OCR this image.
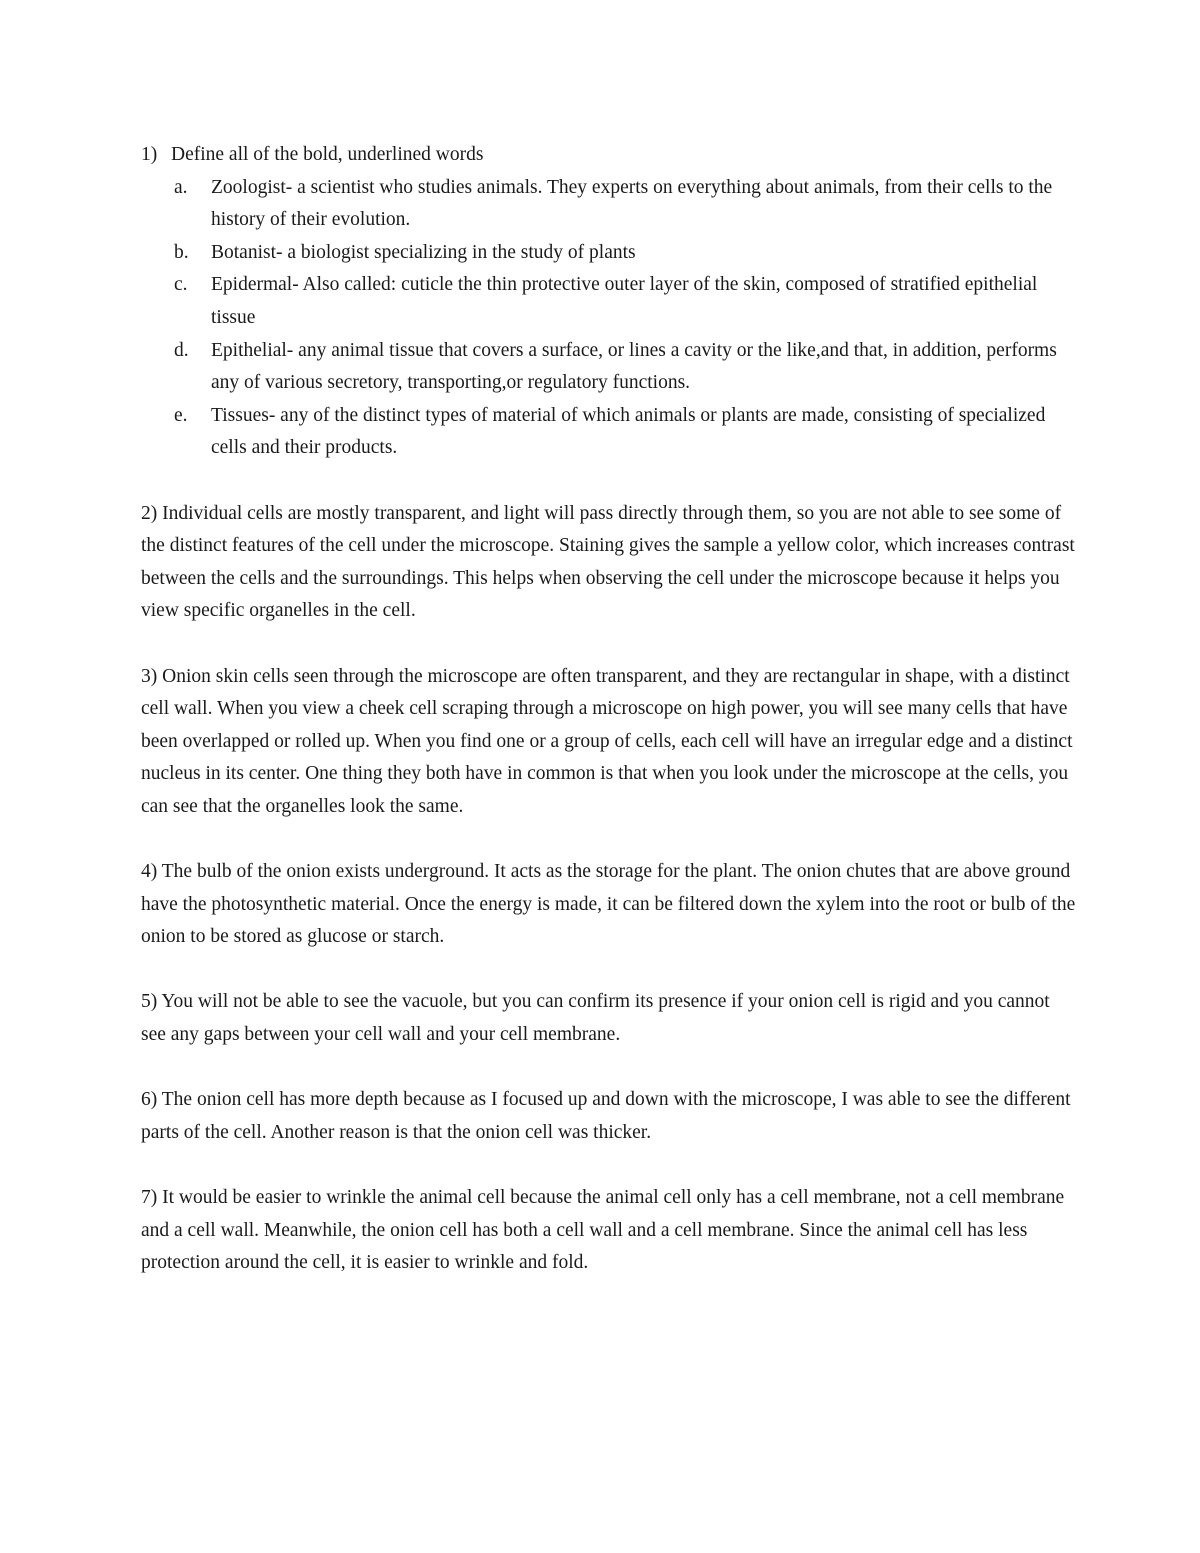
1) Define all of the bold, underlined words
a.	Zoologist- a scientist who studies animals. They experts on everything about animals, from their cells to the history of their evolution.
b.	Botanist- a biologist specializing in the study of plants
c.	Epidermal- Also called: cuticle the thin protective outer layer of the skin, composed of stratified epithelial tissue
d.	Epithelial- any animal tissue that covers a surface, or lines a cavity or the like,and that, in addition, performs any of various secretory, transporting,or regulatory functions.
e.	Tissues- any of the distinct types of material of which animals or plants are made, consisting of specialized cells and their products.

2) Individual cells are mostly transparent, and light will pass directly through them, so you are not able to see some of the distinct features of the cell under the microscope. Staining gives the sample a yellow color, which increases contrast between the cells and the surroundings. This helps when observing the cell under the microscope because it helps you view specific organelles in the cell.

3) Onion skin cells seen through the microscope are often transparent, and they are rectangular in shape, with a distinct cell wall. When you view a cheek cell scraping through a microscope on high power, you will see many cells that have been overlapped or rolled up. When you find one or a group of cells, each cell will have an irregular edge and a distinct nucleus in its center. One thing they both have in common is that when you look under the microscope at the cells, you can see that the organelles look the same.

4) The bulb of the onion exists underground. It acts as the storage for the plant. The onion chutes that are above ground have the photosynthetic material. Once the energy is made, it can be filtered down the xylem into the root or bulb of the onion to be stored as glucose or starch.

5) You will not be able to see the vacuole, but you can confirm its presence if your onion cell is rigid and you cannot see any gaps between your cell wall and your cell membrane.

6) The onion cell has more depth because as I focused up and down with the microscope, I was able to see the different parts of the cell. Another reason is that the onion cell was thicker.

7) It would be easier to wrinkle the animal cell because the animal cell only has a cell membrane, not a cell membrane and a cell wall. Meanwhile, the onion cell has both a cell wall and a cell membrane. Since the animal cell has less protection around the cell, it is easier to wrinkle and fold.
